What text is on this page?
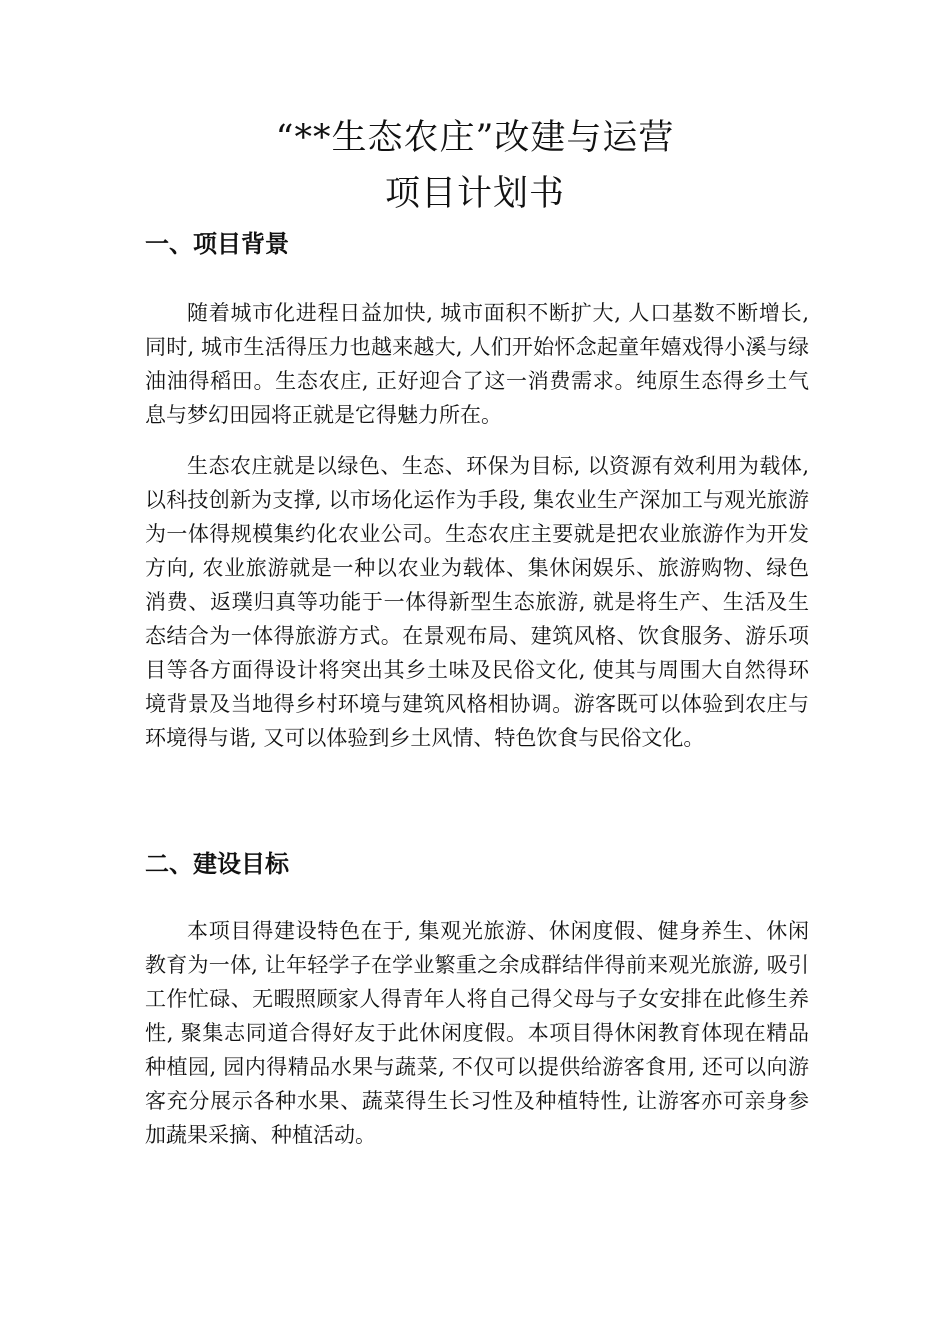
“**生态农庄”改建与运营
项目计划书
一、项目背景

随着城市化进程日益加快, 城市面积不断扩大, 人口基数不断增长, 同时, 城市生活得压力也越来越大, 人们开始怀念起童年嬉戏得小溪与绿油油得稻田。生态农庄, 正好迎合了这一消费需求。纯原生态得乡土气息与梦幻田园将正就是它得魅力所在。

生态农庄就是以绿色、生态、环保为目标, 以资源有效利用为载体, 以科技创新为支撑, 以市场化运作为手段, 集农业生产深加工与观光旅游为一体得规模集约化农业公司。生态农庄主要就是把农业旅游作为开发方向, 农业旅游就是一种以农业为载体、集休闲娱乐、旅游购物、绿色消费、返璞归真等功能于一体得新型生态旅游, 就是将生产、生活及生态结合为一体得旅游方式。在景观布局、建筑风格、饮食服务、游乐项目等各方面得设计将突出其乡土味及民俗文化, 使其与周围大自然得环境背景及当地得乡村环境与建筑风格相协调。游客既可以体验到农庄与环境得与谐, 又可以体验到乡土风情、特色饮食与民俗文化。

二、建设目标

本项目得建设特色在于, 集观光旅游、休闲度假、健身养生、休闲教育为一体, 让年轻学子在学业繁重之余成群结伴得前来观光旅游, 吸引工作忙碌、无暇照顾家人得青年人将自己得父母与子女安排在此修生养性, 聚集志同道合得好友于此休闲度假。本项目得休闲教育体现在精品种植园, 园内得精品水果与蔬菜, 不仅可以提供给游客食用, 还可以向游客充分展示各种水果、蔬菜得生长习性及种植特性, 让游客亦可亲身参加蔬果采摘、种植活动。
